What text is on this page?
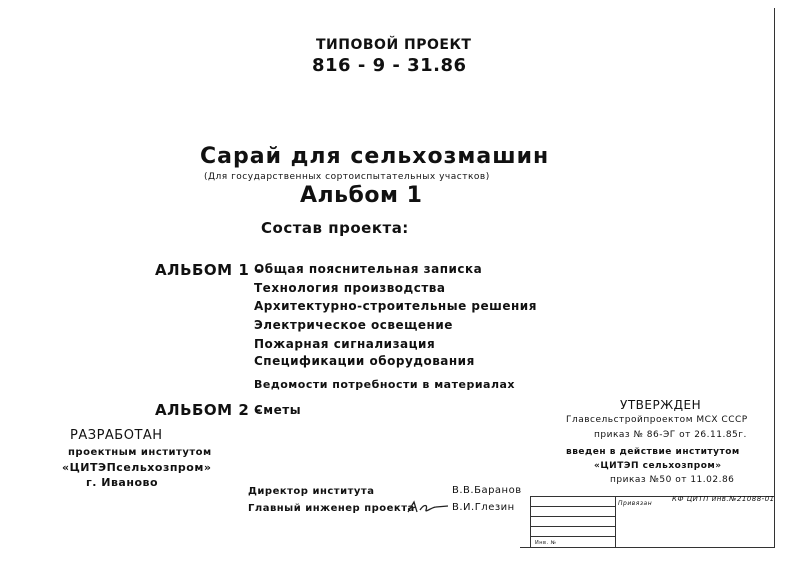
ТИПОВОЙ ПРОЕКТ
816 - 9 - 31.86
Сарай для сельхозмашин
(Для государственных сортоиспытательных участков)
Альбом 1
Состав проекта:
АЛЬБОМ 1 -
Общая пояснительная записка
Технология производства
Архитектурно-строительные решения
Электрическое освещение
Пожарная сигнализация
Спецификации оборудования
Ведомости потребности в материалах
АЛЬБОМ 2 -
Сметы
РАЗРАБОТАН
проектным институтом
«ЦИТЭПсельхозпром»
г. Иваново
УТВЕРЖДЕН
Главсельстройпроектом МСХ СССР
приказ № 86-ЭГ от 26.11.85г.
введен в действие институтом
«ЦИТЭП сельхозпром»
приказ №50 от 11.02.86
Директор института	В.В.Баранов
Главный инженер проекта	В.И.Глезин	Привязан
КФ ЦИТП инв.№21088-01
Инв. №
